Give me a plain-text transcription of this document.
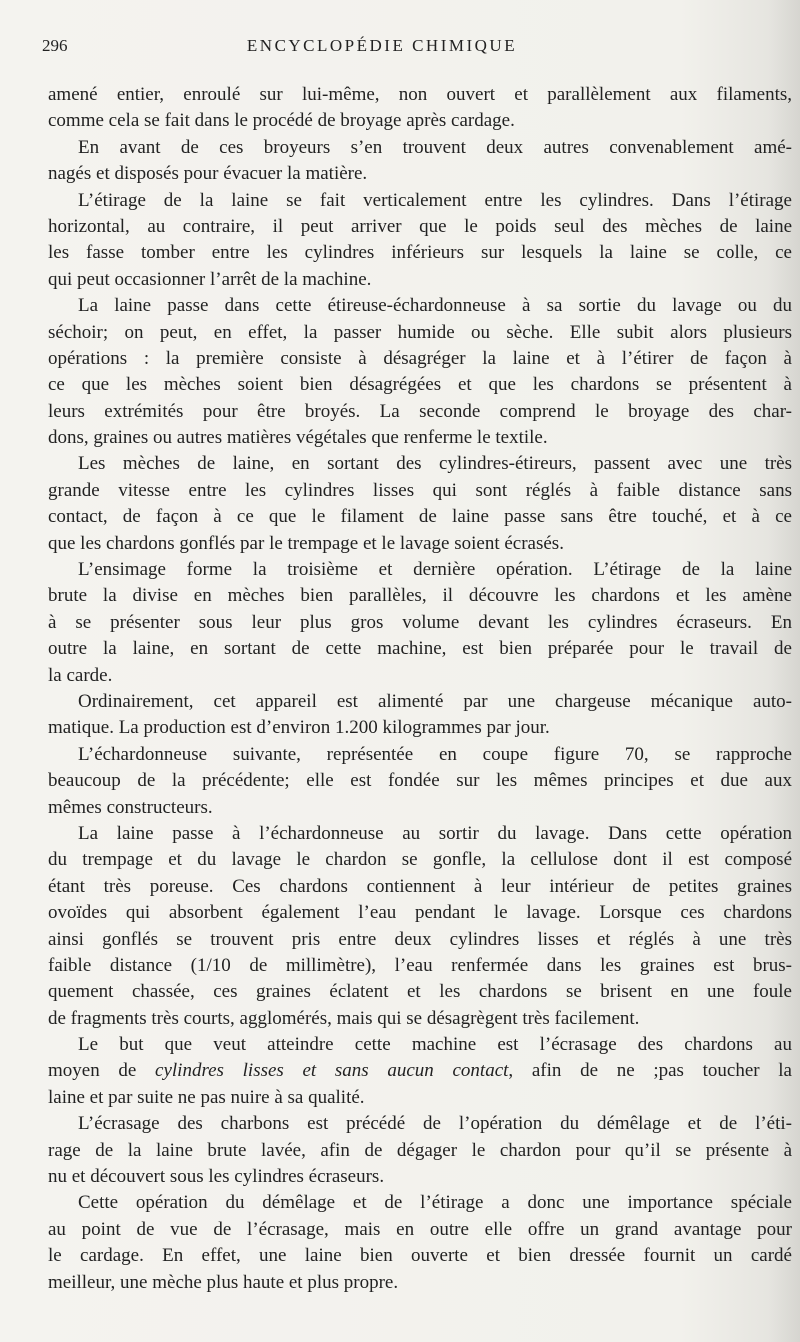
296	ENCYCLOPÉDIE CHIMIQUE
amené entier, enroulé sur lui-même, non ouvert et parallèlement aux filaments,
comme cela se fait dans le procédé de broyage après cardage.
En avant de ces broyeurs s’en trouvent deux autres convenablement amé-
nagés et disposés pour évacuer la matière.
L’étirage de la laine se fait verticalement entre les cylindres. Dans l’étirage
horizontal, au contraire, il peut arriver que le poids seul des mèches de laine
les fasse tomber entre les cylindres inférieurs sur lesquels la laine se colle, ce
qui peut occasionner l’arrêt de la machine.
La laine passe dans cette étireuse-échardonneuse à sa sortie du lavage ou du
séchoir; on peut, en effet, la passer humide ou sèche. Elle subit alors plusieurs
opérations : la première consiste à désagréger la laine et à l’étirer de façon à
ce que les mèches soient bien désagrégées et que les chardons se présentent à
leurs extrémités pour être broyés. La seconde comprend le broyage des char-
dons, graines ou autres matières végétales que renferme le textile.
Les mèches de laine, en sortant des cylindres-étireurs, passent avec une très
grande vitesse entre les cylindres lisses qui sont réglés à faible distance sans
contact, de façon à ce que le filament de laine passe sans être touché, et à ce
que les chardons gonflés par le trempage et le lavage soient écrasés.
L’ensimage forme la troisième et dernière opération. L’étirage de la laine
brute la divise en mèches bien parallèles, il découvre les chardons et les amène
à se présenter sous leur plus gros volume devant les cylindres écraseurs. En
outre la laine, en sortant de cette machine, est bien préparée pour le travail de
la carde.
Ordinairement, cet appareil est alimenté par une chargeuse mécanique auto-
matique. La production est d’environ 1.200 kilogrammes par jour.
L’échardonneuse suivante, représentée en coupe figure 70, se rapproche
beaucoup de la précédente; elle est fondée sur les mêmes principes et due aux
mêmes constructeurs.
La laine passe à l’échardonneuse au sortir du lavage. Dans cette opération
du trempage et du lavage le chardon se gonfle, la cellulose dont il est composé
étant très poreuse. Ces chardons contiennent à leur intérieur de petites graines
ovoïdes qui absorbent également l’eau pendant le lavage. Lorsque ces chardons
ainsi gonflés se trouvent pris entre deux cylindres lisses et réglés à une très
faible distance (1/10 de millimètre), l’eau renfermée dans les graines est brus-
quement chassée, ces graines éclatent et les chardons se brisent en une foule
de fragments très courts, agglomérés, mais qui se désagrègent très facilement.
Le but que veut atteindre cette machine est l’écrasage des chardons au
moyen de cylindres lisses et sans aucun contact, afin de ne ;pas toucher la
laine et par suite ne pas nuire à sa qualité.
L’écrasage des charbons est précédé de l’opération du démêlage et de l’éti-
rage de la laine brute lavée, afin de dégager le chardon pour qu’il se présente à
nu et découvert sous les cylindres écraseurs.
Cette opération du démêlage et de l’étirage a donc une importance spéciale
au point de vue de l’écrasage, mais en outre elle offre un grand avantage pour
le cardage. En effet, une laine bien ouverte et bien dressée fournit un cardé
meilleur, une mèche plus haute et plus propre.
